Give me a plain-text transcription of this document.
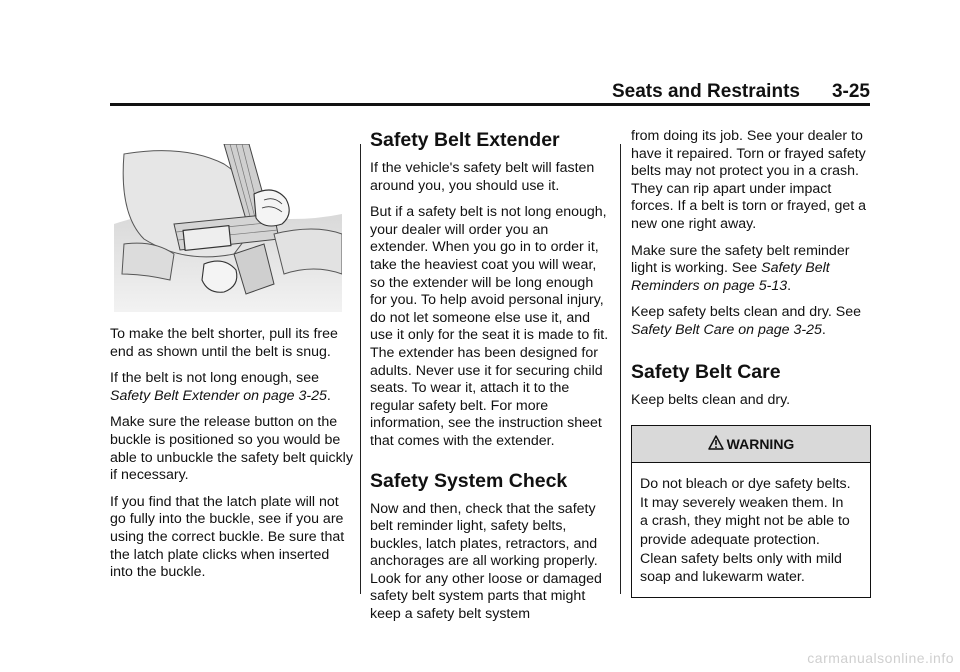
Seats and Restraints 3-25

To make the belt shorter, pull its free end as shown until the belt is snug.

If the belt is not long enough, see Safety Belt Extender on page 3-25.

Make sure the release button on the buckle is positioned so you would be able to unbuckle the safety belt quickly if necessary.

If you find that the latch plate will not go fully into the buckle, see if you are using the correct buckle. Be sure that the latch plate clicks when inserted into the buckle.

Safety Belt Extender

If the vehicle's safety belt will fasten around you, you should use it.

But if a safety belt is not long enough, your dealer will order you an extender. When you go in to order it, take the heaviest coat you will wear, so the extender will be long enough for you. To help avoid personal injury, do not let someone else use it, and use it only for the seat it is made to fit. The extender has been designed for adults. Never use it for securing child seats. To wear it, attach it to the regular safety belt. For more information, see the instruction sheet that comes with the extender.

Safety System Check

Now and then, check that the safety belt reminder light, safety belts, buckles, latch plates, retractors, and anchorages are all working properly. Look for any other loose or damaged safety belt system parts that might keep a safety belt system

from doing its job. See your dealer to have it repaired. Torn or frayed safety belts may not protect you in a crash. They can rip apart under impact forces. If a belt is torn or frayed, get a new one right away.

Make sure the safety belt reminder light is working. See Safety Belt Reminders on page 5-13.

Keep safety belts clean and dry. See Safety Belt Care on page 3-25.

Safety Belt Care

Keep belts clean and dry.

WARNING

Do not bleach or dye safety belts.

It may severely weaken them. In

a crash, they might not be able to

provide adequate protection.

Clean safety belts only with mild

soap and lukewarm water.

carmanualsonline.info
